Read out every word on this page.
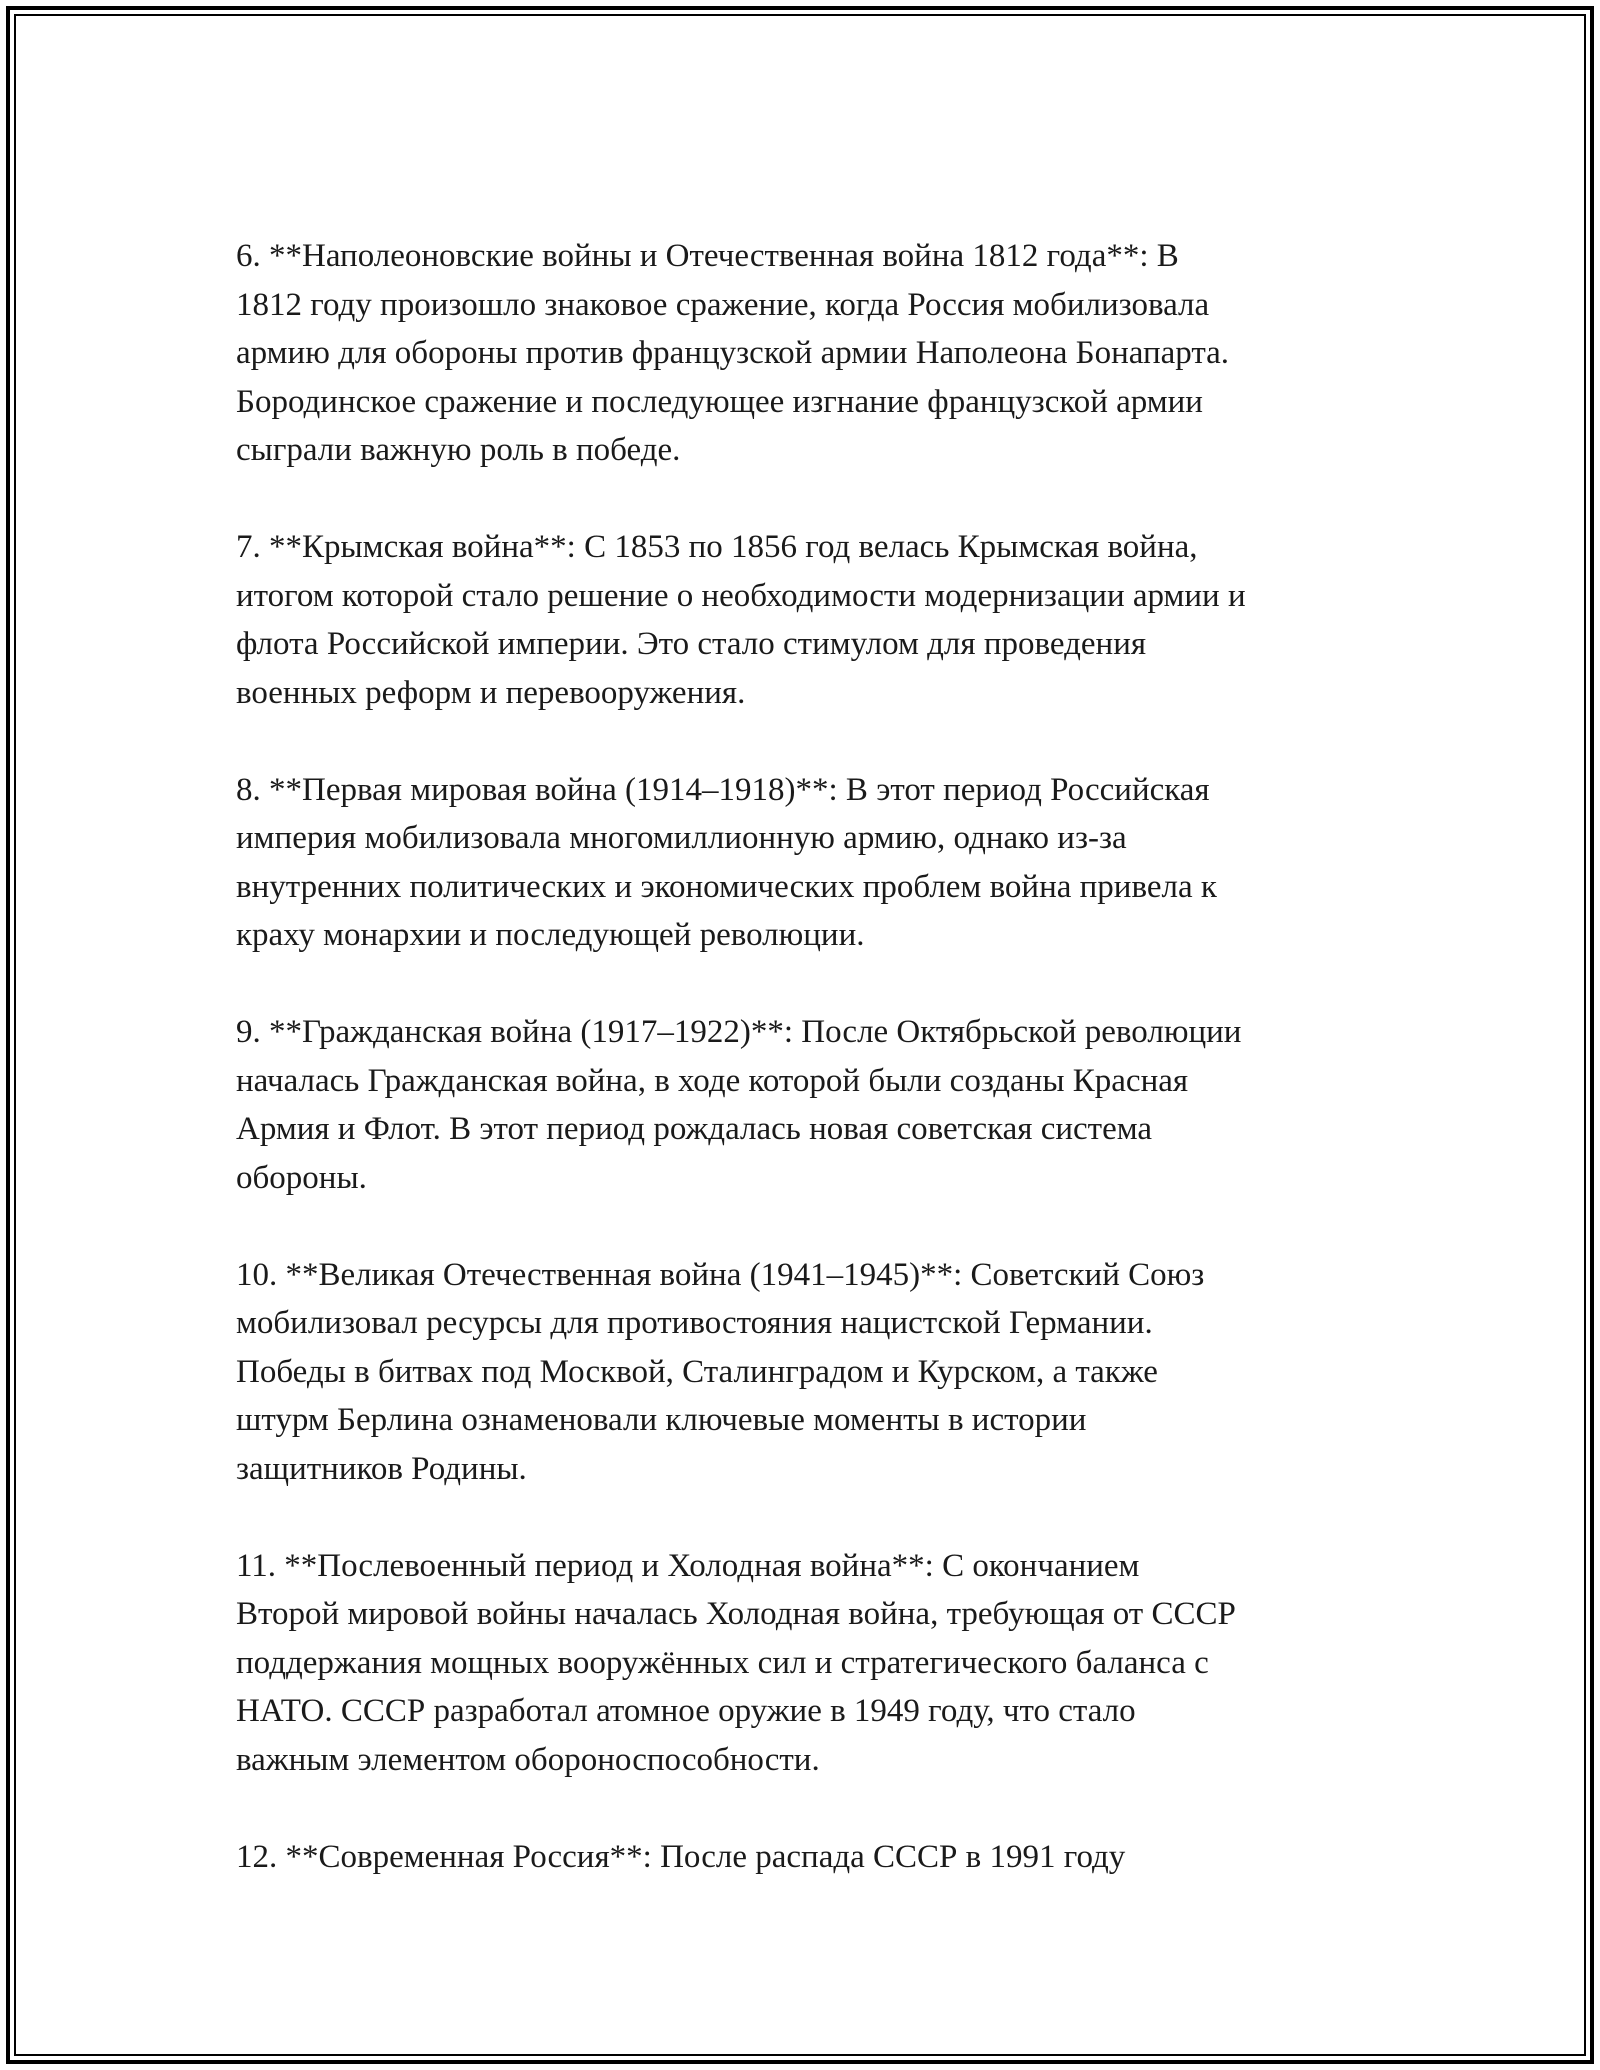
6. **Наполеоновские войны и Отечественная война 1812 года**: В
1812 году произошло знаковое сражение, когда Россия мобилизовала
армию для обороны против французской армии Наполеона Бонапарта.
Бородинское сражение и последующее изгнание французской армии
сыграли важную роль в победе.
7. **Крымская война**: С 1853 по 1856 год велась Крымская война,
итогом которой стало решение о необходимости модернизации армии и
флота Российской империи. Это стало стимулом для проведения
военных реформ и перевооружения.
8. **Первая мировая война (1914–1918)**: В этот период Российская
империя мобилизовала многомиллионную армию, однако из-за
внутренних политических и экономических проблем война привела к
краху монархии и последующей революции.
9. **Гражданская война (1917–1922)**: После Октябрьской революции
началась Гражданская война, в ходе которой были созданы Красная
Армия и Флот. В этот период рождалась новая советская система
обороны.
10. **Великая Отечественная война (1941–1945)**: Советский Союз
мобилизовал ресурсы для противостояния нацистской Германии.
Победы в битвах под Москвой, Сталинградом и Курском, а также
штурм Берлина ознаменовали ключевые моменты в истории
защитников Родины.
11. **Послевоенный период и Холодная война**: С окончанием
Второй мировой войны началась Холодная война, требующая от СССР
поддержания мощных вооружённых сил и стратегического баланса с
НАТО. СССР разработал атомное оружие в 1949 году, что стало
важным элементом обороноспособности.
12. **Современная Россия**: После распада СССР в 1991 году
